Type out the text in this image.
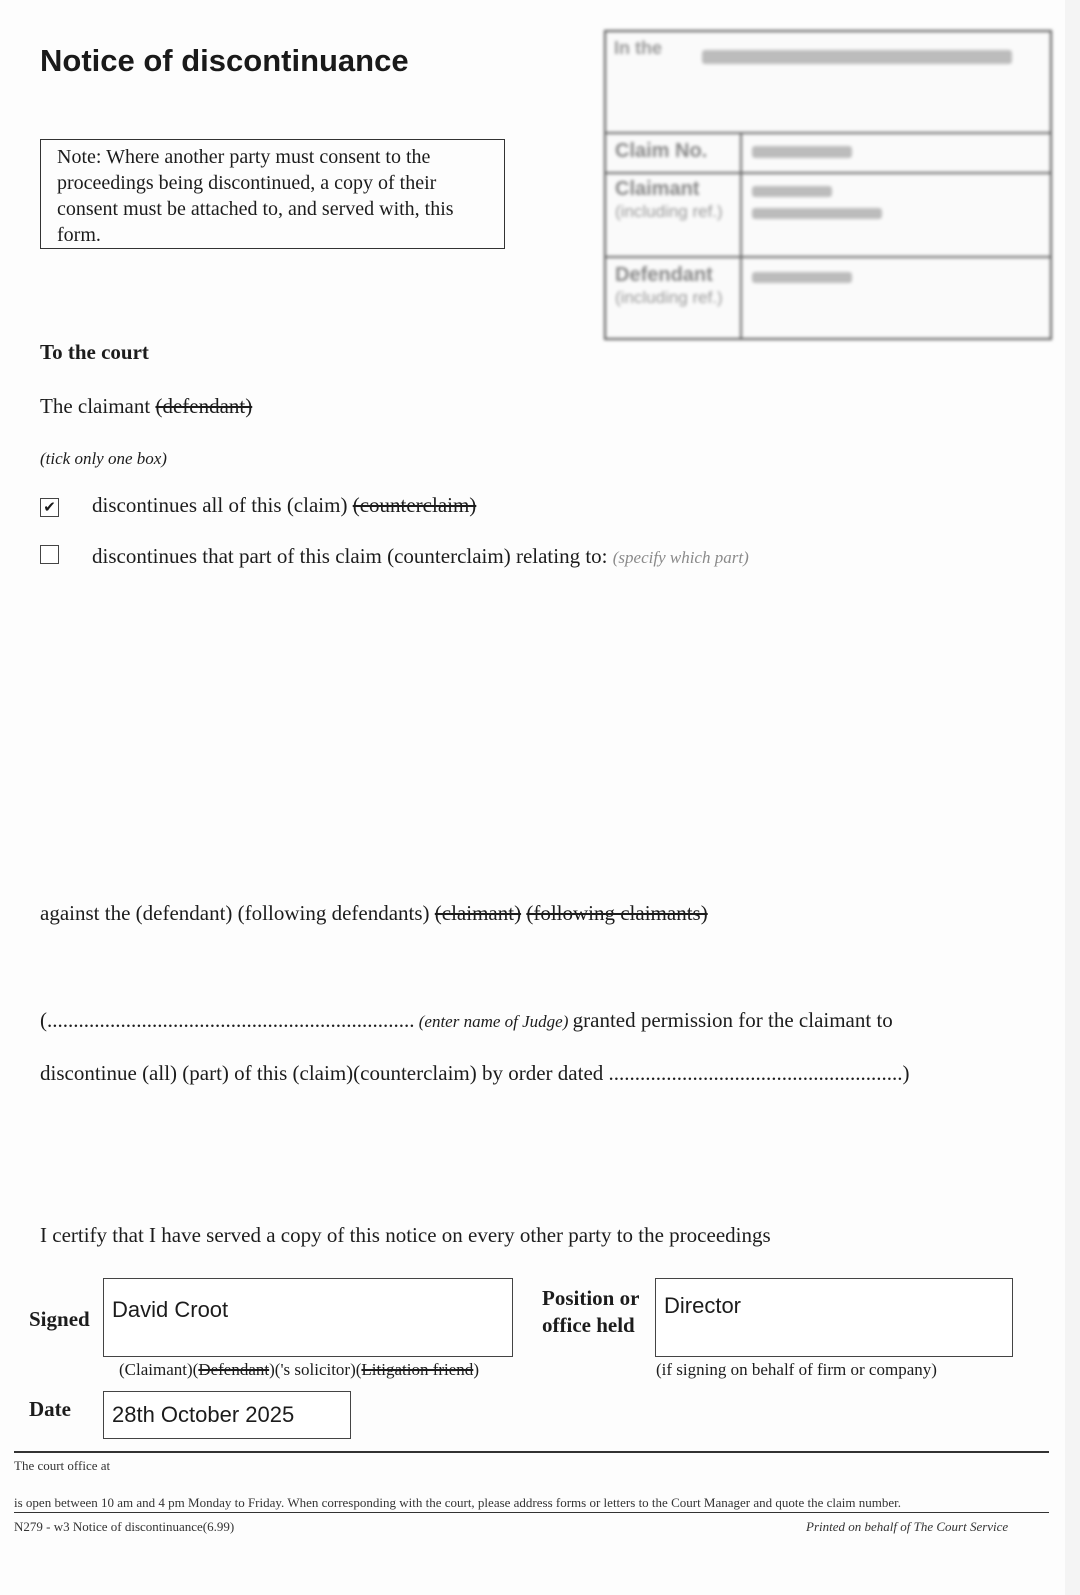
Notice of discontinuance
Note: Where another party must consent to the proceedings being discontinued, a copy of their consent must be attached to, and served with, this form.
In the
Claim No.
Claimant
(including ref.)
Defendant
(including ref.)
To the court
The claimant (defendant)
(tick only one box)
✔ discontinues all of this (claim) (counterclaim)
discontinues that part of this claim (counterclaim) relating to: (specify which part)
against the (defendant) (following defendants) (claimant) (following claimants)
(...................................................................... (enter name of Judge) granted permission for the claimant to
discontinue (all) (part) of this (claim)(counterclaim) by order dated ........................................................)
I certify that I have served a copy of this notice on every other party to the proceedings
Signed	David Croot	Position or
office held
Director
(Claimant)(Defendant)('s solicitor)(Litigation friend)	(if signing on behalf of firm or company)
Date	28th October 2025
The court office at
is open between 10 am and 4 pm Monday to Friday. When corresponding with the court, please address forms or letters to the Court Manager and quote the claim number.
N279 - w3 Notice of discontinuance(6.99)	Printed on behalf of The Court Service
